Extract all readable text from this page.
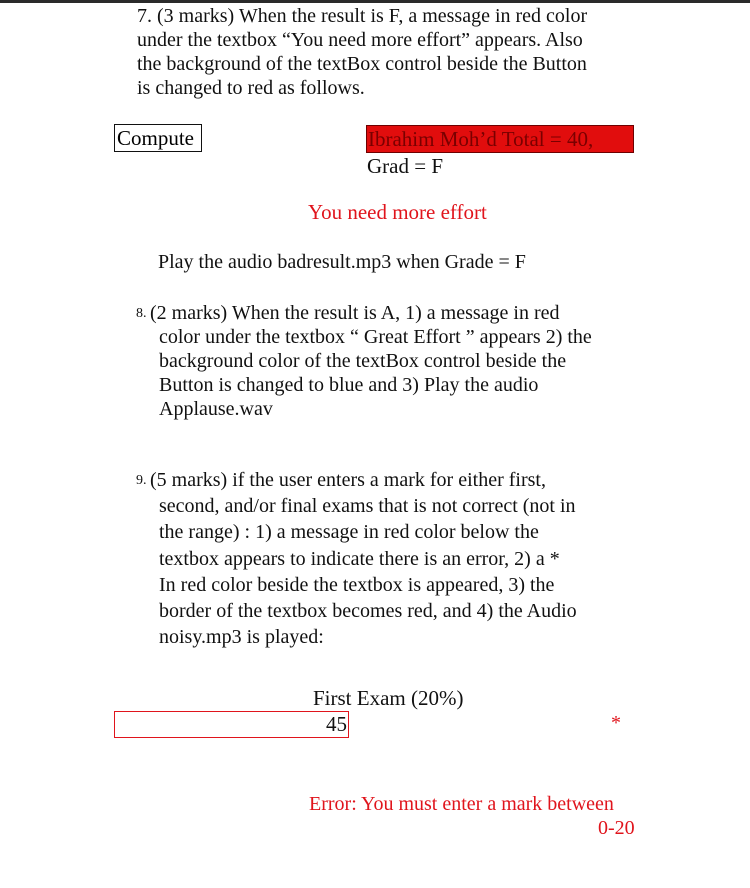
7. (3 marks) When the result is F, a message in red color
under the textbox “You need more effort” appears. Also
the background of the textBox control beside the Button
is changed to red as follows.
Compute	Ibrahim Moh’d Total = 40,
Grad = F
You need more effort
Play the audio badresult.mp3 when Grade = F
8. (2 marks) When the result is A, 1) a message in red
color under the textbox “ Great Effort ” appears 2) the
background color of the textBox control beside the
Button is changed to blue and 3) Play the audio
Applause.wav
9. (5 marks) if the user enters a mark for either first,
second, and/or final exams that is not correct (not in
the range) : 1) a message in red color below the
textbox appears to indicate there is an error, 2) a *
In red color beside the textbox is appeared, 3) the
border of the textbox becomes red, and 4) the Audio
noisy.mp3 is played:
First Exam (20%)
45
*
Error: You must enter a mark between
0-20
